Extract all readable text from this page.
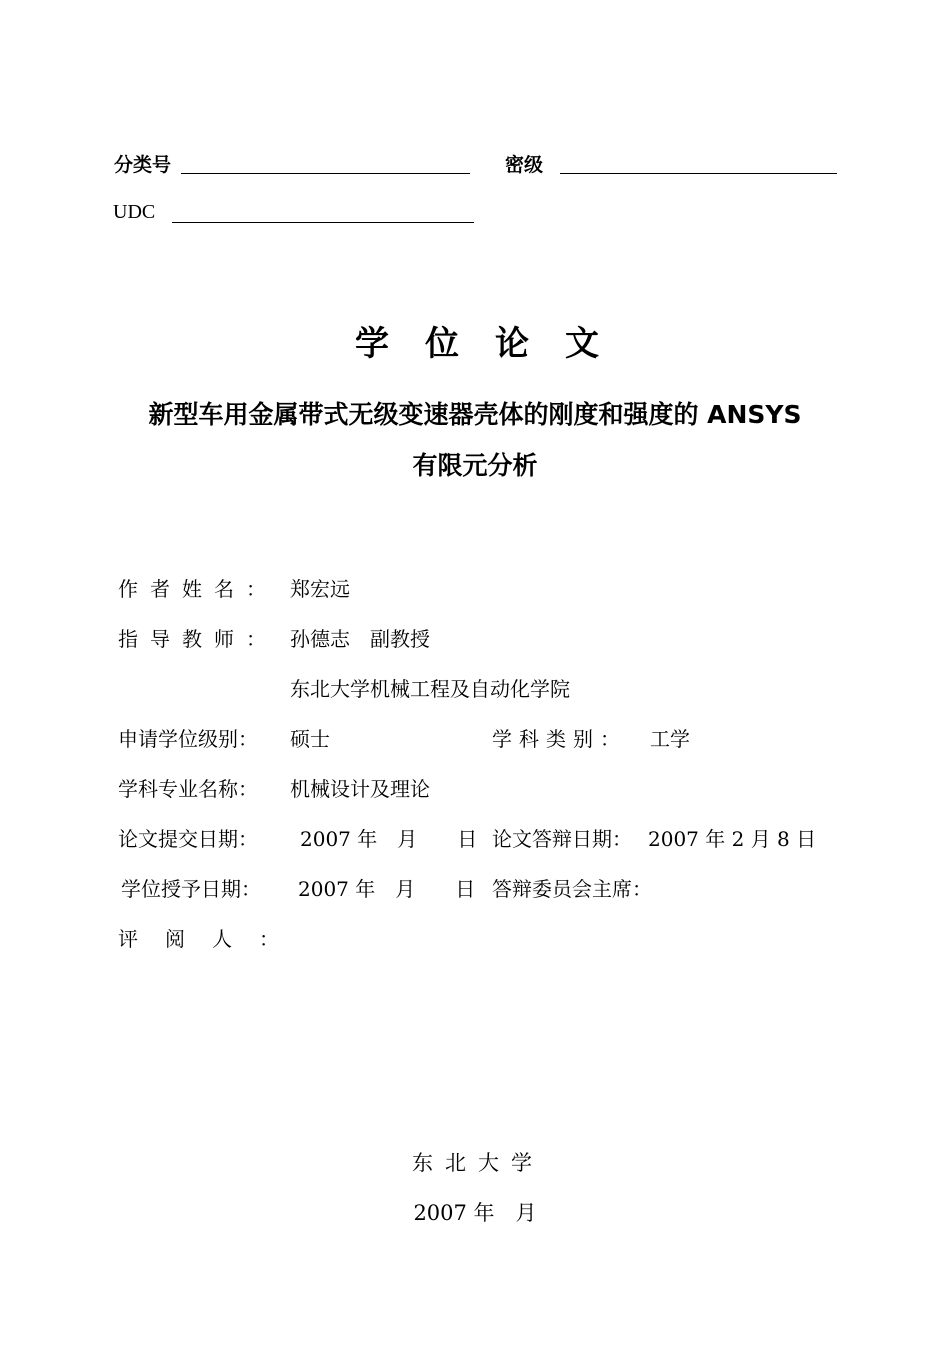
分类号	密级
UDC
学位论文
新型车用金属带式无级变速器壳体的刚度和强度的 ANSYS
有限元分析
作者姓名： 郑宏远
指导教师： 孙德志　副教授
东北大学机械工程及自动化学院
申请学位级别： 硕士	学科类别： 工学
学科专业名称： 机械设计及理论
论文提交日期： 2007 年　月　　日 论文答辩日期： 2007 年 2 月 8 日
学位授予日期： 2007 年　月　　日 答辩委员会主席：
评阅人：
东北大学
2007 年　月
